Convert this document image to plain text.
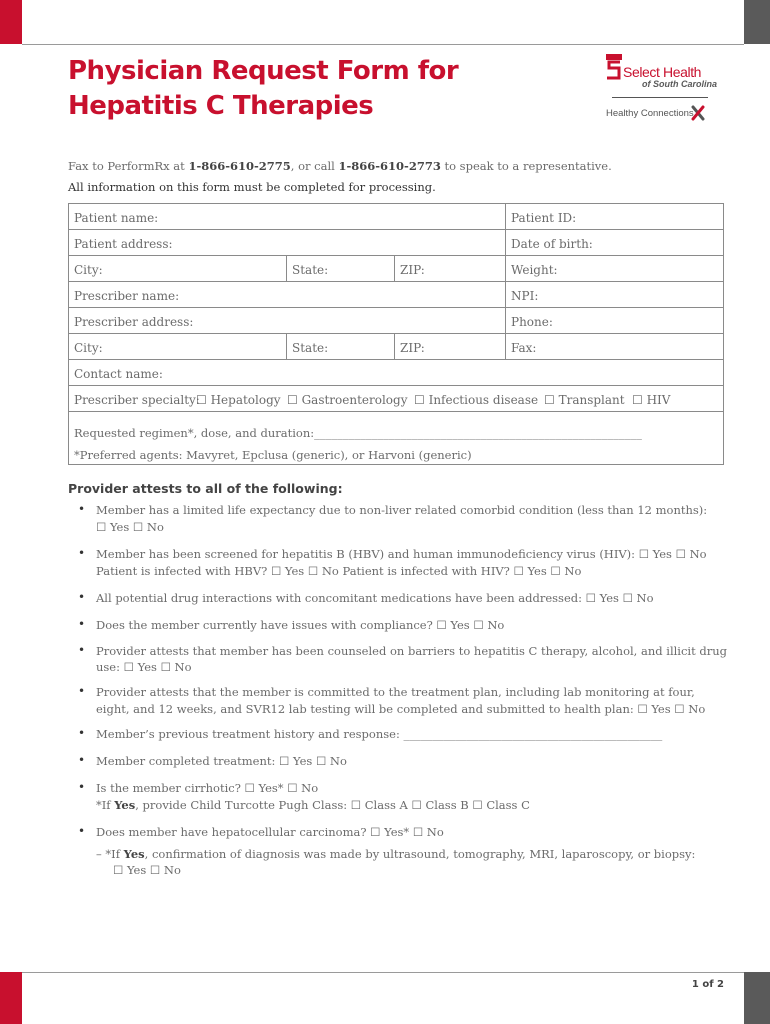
Physician Request Form for
Hepatitis C Therapies
Select Health
of South Carolina
Healthy Connections
Fax to PerformRx at 1-866-610-2775, or call 1-866-610-2773 to speak to a representative.
All information on this form must be completed for processing.
Patient name:	Patient ID:
Patient address:	Date of birth:
City:	State:	ZIP:	Weight:
Prescriber name:	NPI:
Prescriber address:	Phone:
City:	State:	ZIP:	Fax:
Contact name:
Prescriber specialty:
☐ Hepatology ☐ Gastroenterology ☐ Infectious disease ☐ Transplant ☐ HIV
Requested regimen*, dose, and duration:_________________________________________________________
*Preferred agents: Mavyret, Epclusa (generic), or Harvoni (generic)
Provider attests to all of the following:
• Member has a limited life expectancy due to non-liver related comorbid condition (less than 12 months):
☐ Yes ☐ No
• Member has been screened for hepatitis B (HBV) and human immunodeficiency virus (HIV): ☐ Yes ☐ No
Patient is infected with HBV? ☐ Yes ☐ No Patient is infected with HIV? ☐ Yes ☐ No
• All potential drug interactions with concomitant medications have been addressed: ☐ Yes ☐ No
• Does the member currently have issues with compliance? ☐ Yes ☐ No
• Provider attests that member has been counseled on barriers to hepatitis C therapy, alcohol, and illicit drug
use: ☐ Yes ☐ No
• Provider attests that the member is committed to the treatment plan, including lab monitoring at four,
eight, and 12 weeks, and SVR12 lab testing will be completed and submitted to health plan: ☐ Yes ☐ No
• Member’s previous treatment history and response: _____________________________________________
• Member completed treatment: ☐ Yes ☐ No
• Is the member cirrhotic? ☐ Yes* ☐ No
*If Yes, provide Child Turcotte Pugh Class: ☐ Class A ☐ Class B ☐ Class C
• Does member have hepatocellular carcinoma? ☐ Yes* ☐ No
– *If Yes, confirmation of diagnosis was made by ultrasound, tomography, MRI, laparoscopy, or biopsy:
☐ Yes ☐ No
1 of 2
